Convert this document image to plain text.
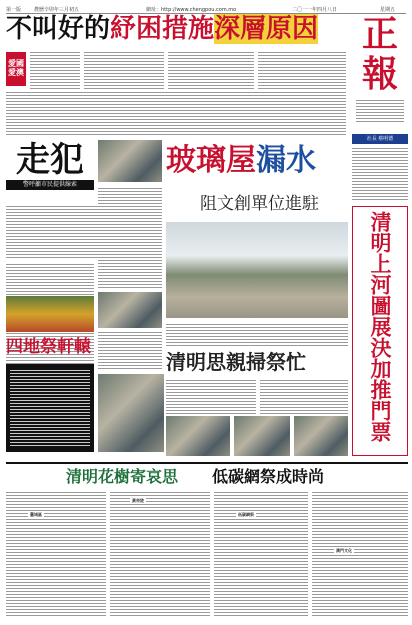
第一版	農曆辛卯年三月初五	網址：http://www.chengpou.com.mo	二〇一一年四月八日	星期五
不叫好的紓困措施深層原因
愛國
愛澳
正
報
社長 蔡明德
走犯
警呼籲市民提供線索
玻璃屋漏水
阻文創單位進駐
四地祭軒轅	清明上河圖展決加推門票
清明思親掃祭忙
清明花樹寄哀思 低碳網祭成時尚
舊城區
黃帝陵
低碳網祭
澳門文化
